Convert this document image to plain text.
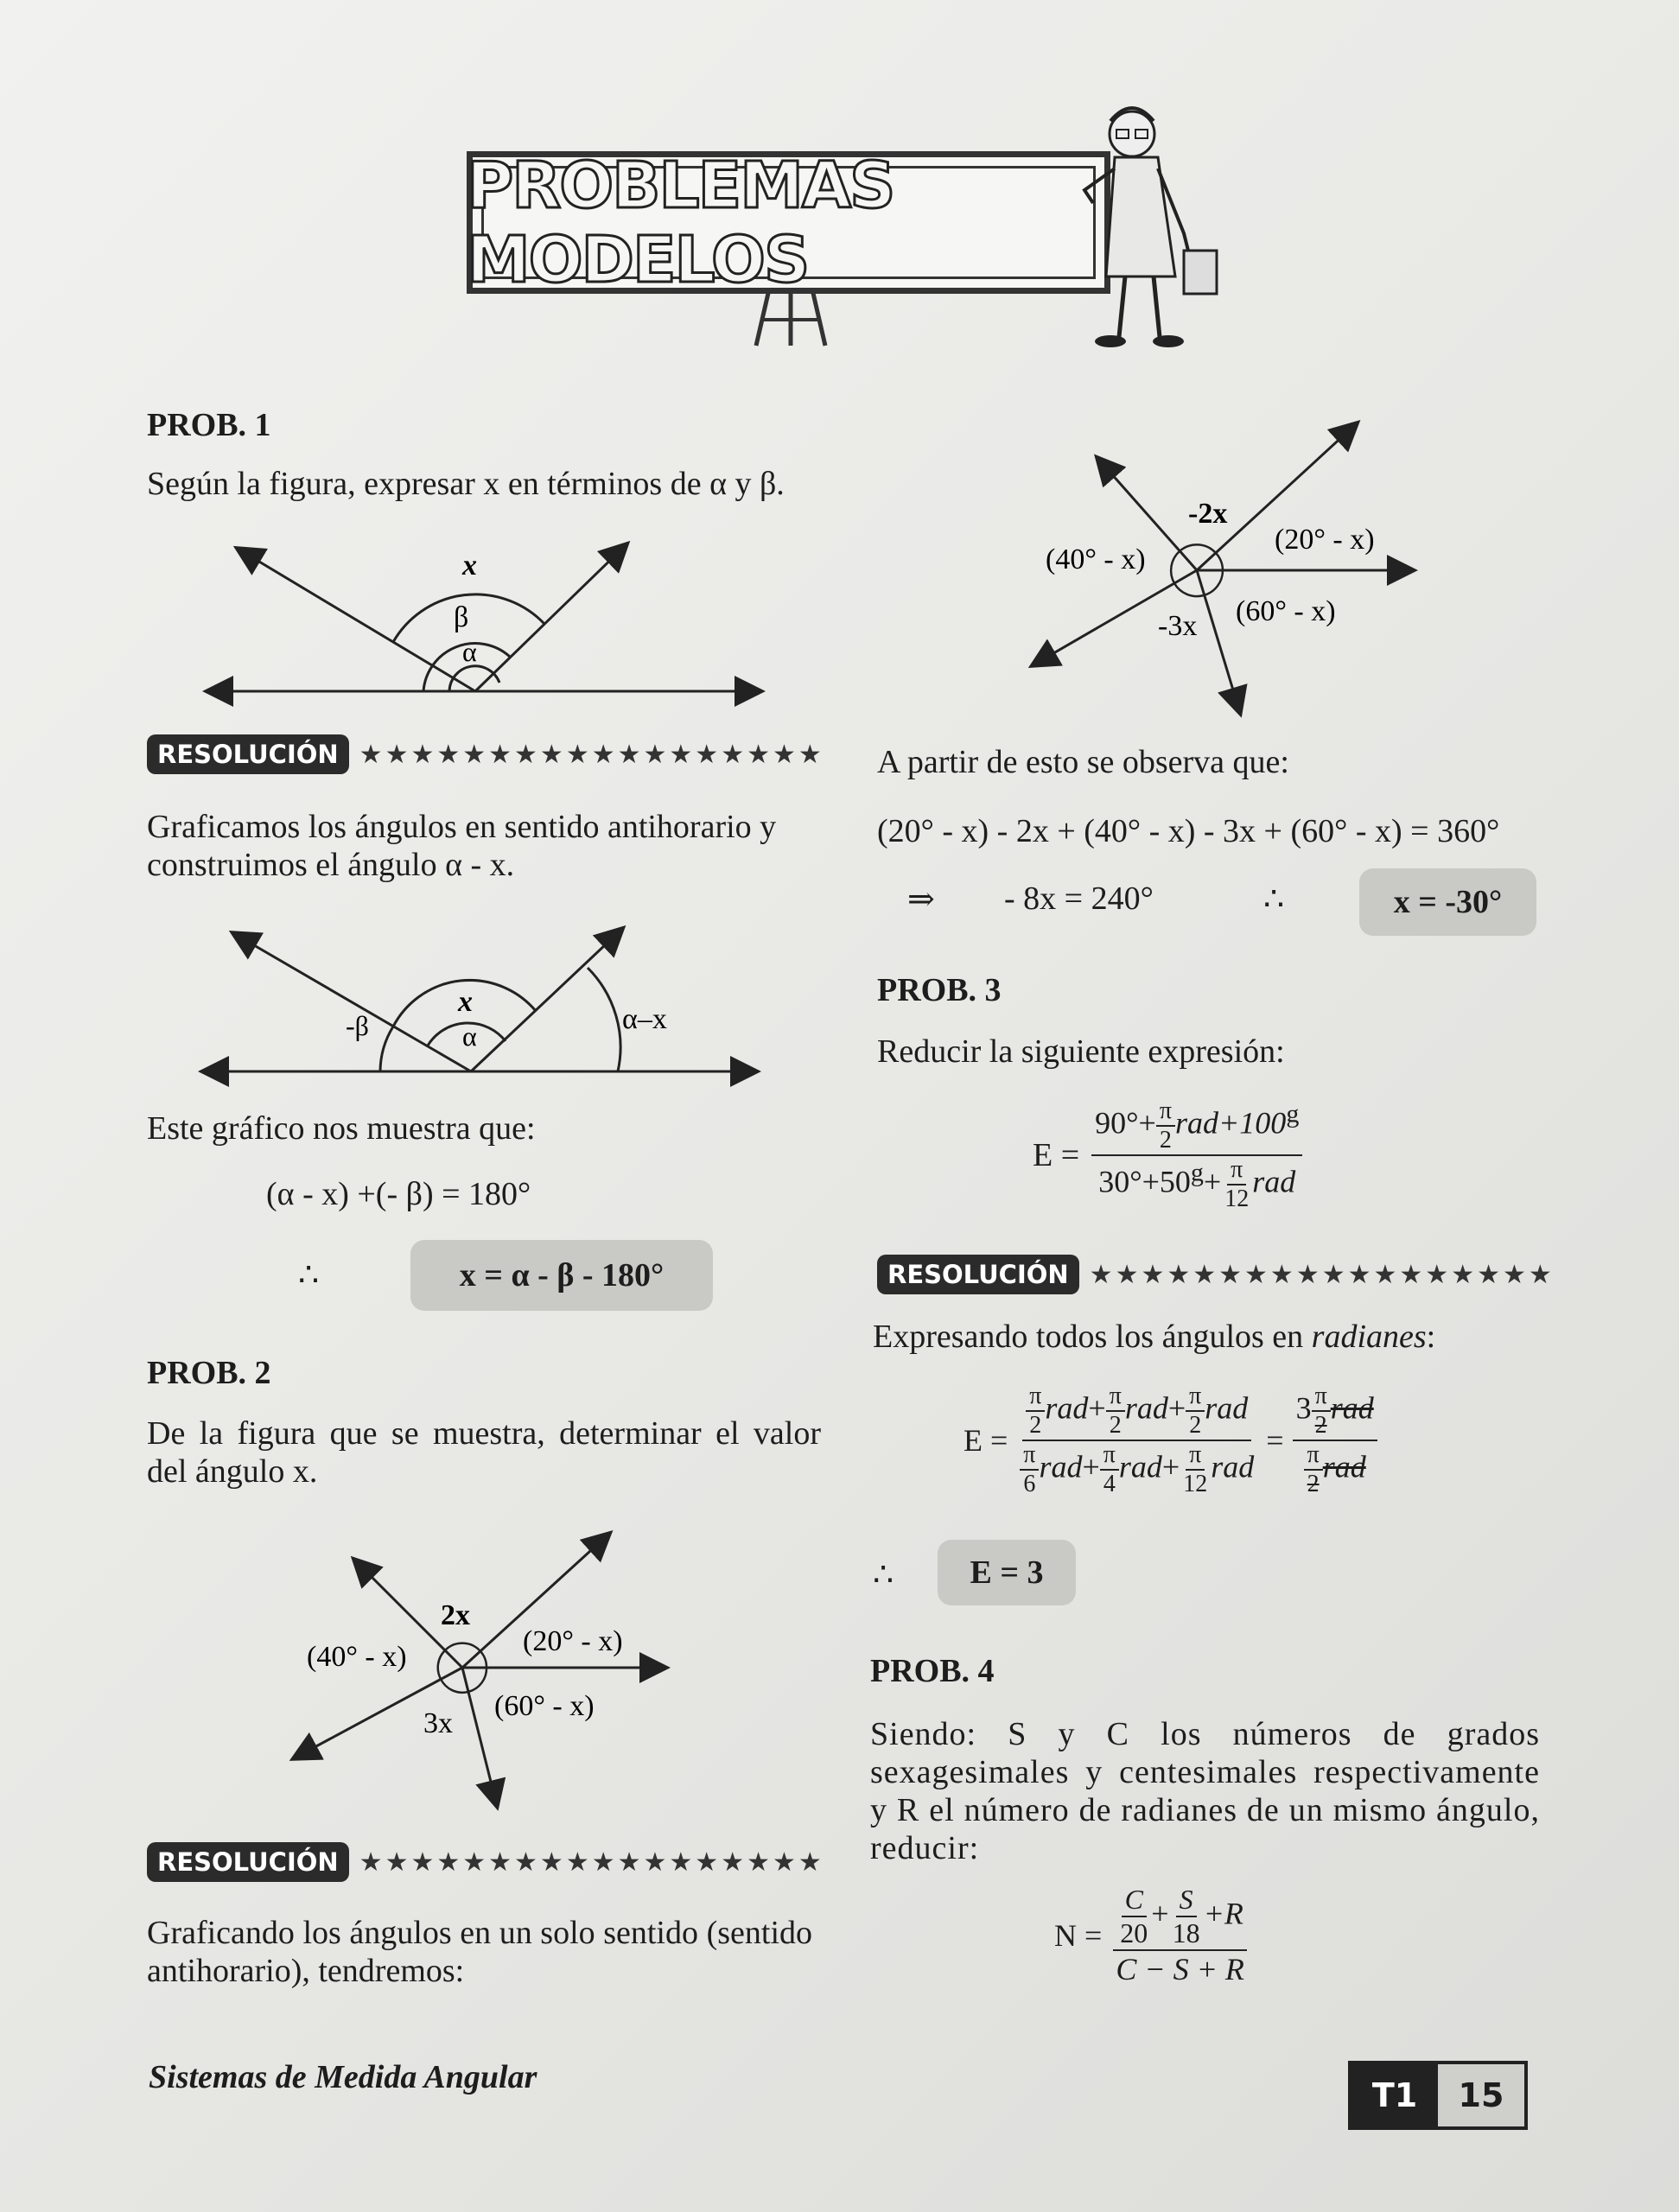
PROBLEMAS MODELOS
PROB. 1
Según la figura, expresar x en términos de α y β.
x
β
α
RESOLUCIÓN ★★★★★★★★★★★★★★★★★★
Graficamos los ángulos en sentido antihorario y construimos el ángulo α - x.
x
α
-β	α–x
Este gráfico nos muestra que:
(α - x) +(- β) = 180°
∴	x = α - β - 180°
PROB. 2
De la figura que se muestra, determinar el valor del ángulo x.
2x
(20° - x)
(40° - x)
3x
(60° - x)
RESOLUCIÓN ★★★★★★★★★★★★★★★★★★
Graficando los ángulos en un solo sentido (sentido antihorario), tendremos:
-2x
(20° - x)
(40° - x)
-3x (60° - x)
A partir de esto se observa que:
(20° - x) - 2x + (40° - x) - 3x + (60° - x) = 360°
⇒ - 8x = 240°	∴	x = -30°
PROB. 3
Reducir la siguiente expresión:
$E = \frac{90^\circ+ \frac{\pi}{2} rad+100^g}{30^\circ+50^g+ \frac{\pi}{12} rad}$
RESOLUCIÓN ★★★★★★★★★★★★★★★★★★
Expresando todos los ángulos en radianes:
$E = \frac{\frac{\pi}{2} rad+ \frac{\pi}{2} rad+ \frac{\pi}{2} rad}{\frac{\pi}{6} rad+ \frac{\pi}{4} rad+ \frac{\pi}{12} rad} = \frac{3 \frac{\pi}{2} rad}{\frac{\pi}{2} rad}$
∴	E = 3
PROB. 4
Siendo: S y C los números de grados sexagesimales y centesimales respectivamente y R el número de radianes de un mismo ángulo, reducir:
$N = \frac{\frac{C}{20} + \frac{S}{18} +R}{C - S + R}$
Sistemas de Medida Angular	T1	15
